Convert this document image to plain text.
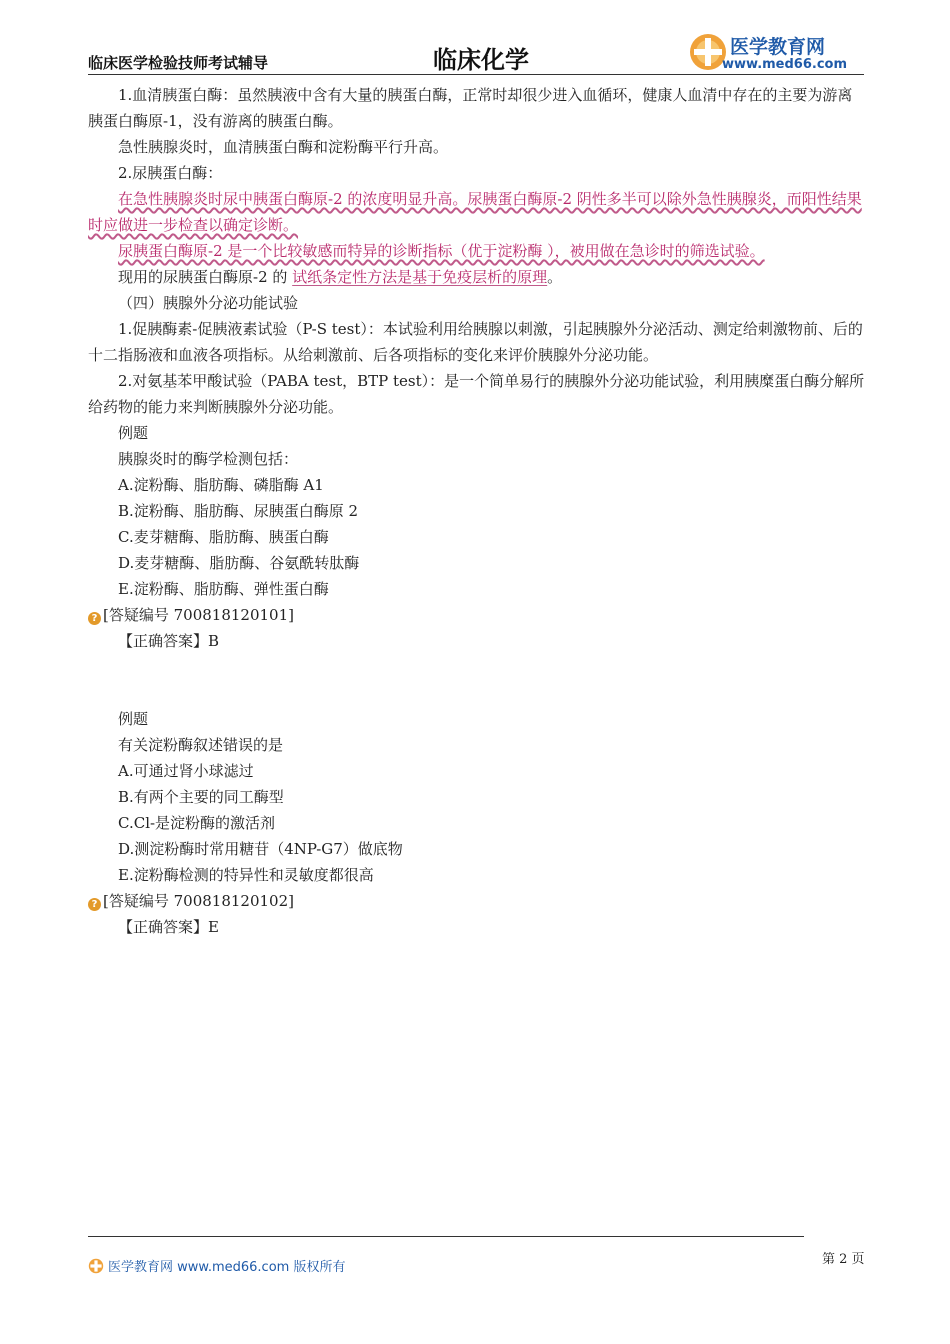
临床医学检验技师考试辅导	临床化学	医学教育网
www.med66.com

1.血清胰蛋白酶：虽然胰液中含有大量的胰蛋白酶，正常时却很少进入血循环，健康人血清中存在的主要为游离胰蛋白酶原-1，没有游离的胰蛋白酶。

急性胰腺炎时，血清胰蛋白酶和淀粉酶平行升高。

2.尿胰蛋白酶：

在急性胰腺炎时尿中胰蛋白酶原-2 的浓度明显升高。尿胰蛋白酶原-2 阴性多半可以除外急性胰腺炎，而阳性结果时应做进一步检查以确定诊断。

尿胰蛋白酶原-2 是一个比较敏感而特异的诊断指标（优于淀粉酶 ），被用做在急诊时的筛选试验。

现用的尿胰蛋白酶原-2 的 试纸条定性方法是基于免疫层析的原理。

（四）胰腺外分泌功能试验

1.促胰酶素-促胰液素试验（P-S test）：本试验利用给胰腺以刺激，引起胰腺外分泌活动、测定给刺激物前、后的十二指肠液和血液各项指标。从给刺激前、后各项指标的变化来评价胰腺外分泌功能。

2.对氨基苯甲酸试验（PABA test，BTP test）：是一个简单易行的胰腺外分泌功能试验，利用胰糜蛋白酶分解所给药物的能力来判断胰腺外分泌功能。

例题

胰腺炎时的酶学检测包括：

A.淀粉酶、脂肪酶、磷脂酶 A1

B.淀粉酶、脂肪酶、尿胰蛋白酶原 2

C.麦芽糖酶、脂肪酶、胰蛋白酶

D.麦芽糖酶、脂肪酶、谷氨酰转肽酶

E.淀粉酶、脂肪酶、弹性蛋白酶

? [答疑编号 700818120101]

【正确答案】B

例题

有关淀粉酶叙述错误的是

A.可通过肾小球滤过

B.有两个主要的同工酶型

C.Cl-是淀粉酶的激活剂

D.测淀粉酶时常用糖苷（4NP-G7）做底物

E.淀粉酶检测的特异性和灵敏度都很高

? [答疑编号 700818120102]

【正确答案】E

医学教育网 www.med66.com 版权所有
第 2 页
